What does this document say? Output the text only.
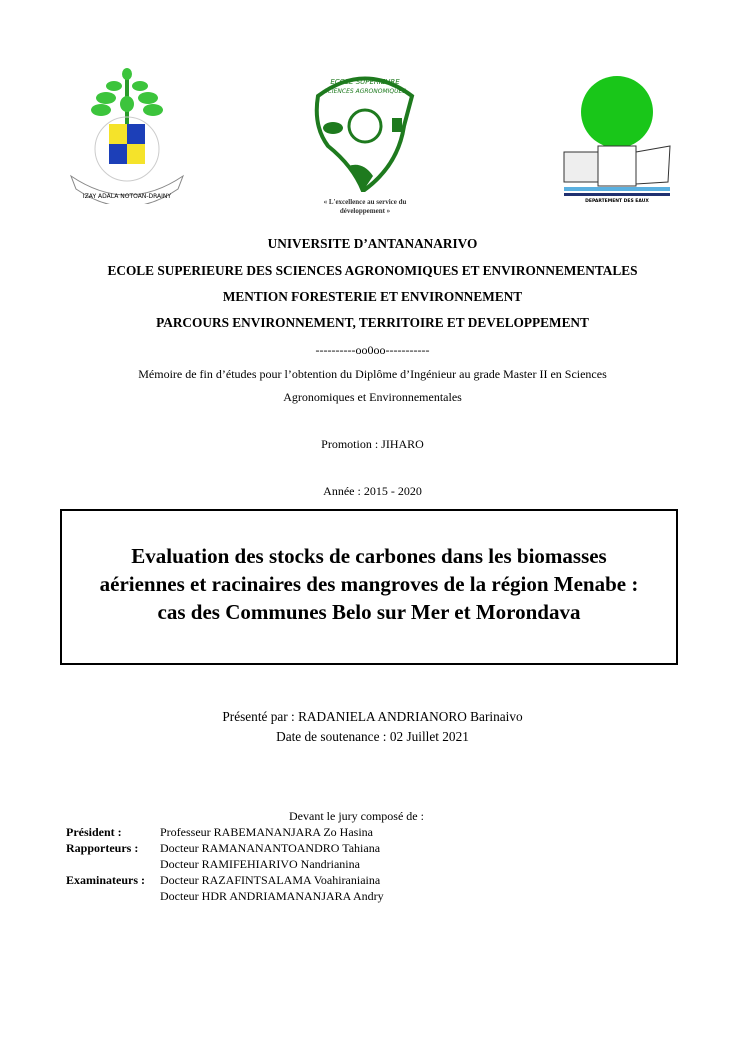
IZAY ADALA NOTOAN-DRAINY
ECOLE SUPERIEURE
SCIENCES AGRONOMIQUES
« L'excellence au service du
développement »
DEPARTEMENT DES EAUX
UNIVERSITE D’ANTANANARIVO
ECOLE SUPERIEURE DES SCIENCES AGRONOMIQUES ET ENVIRONNEMENTALES
MENTION FORESTERIE ET ENVIRONNEMENT
PARCOURS ENVIRONNEMENT, TERRITOIRE ET DEVELOPPEMENT
----------oo0oo-----------
Mémoire de fin d’études pour l’obtention du Diplôme d’Ingénieur au grade Master II en Sciences
Agronomiques et Environnementales
Promotion : JIHARO
Année : 2015 - 2020
Evaluation des stocks de carbones dans les biomasses
aériennes et racinaires des mangroves de la région Menabe :
cas des Communes Belo sur Mer et Morondava
Présenté par : RADANIELA ANDRIANORO Barinaivo
Date de soutenance : 02 Juillet 2021
Devant le jury composé de :
Président :	Professeur RABEMANANJARA Zo Hasina
Rapporteurs : Docteur RAMANANANTOANDRO Tahiana
Docteur RAMIFEHIARIVO Nandrianina
Examinateurs : Docteur RAZAFINTSALAMA Voahiraniaina
Docteur HDR ANDRIAMANANJARA Andry
